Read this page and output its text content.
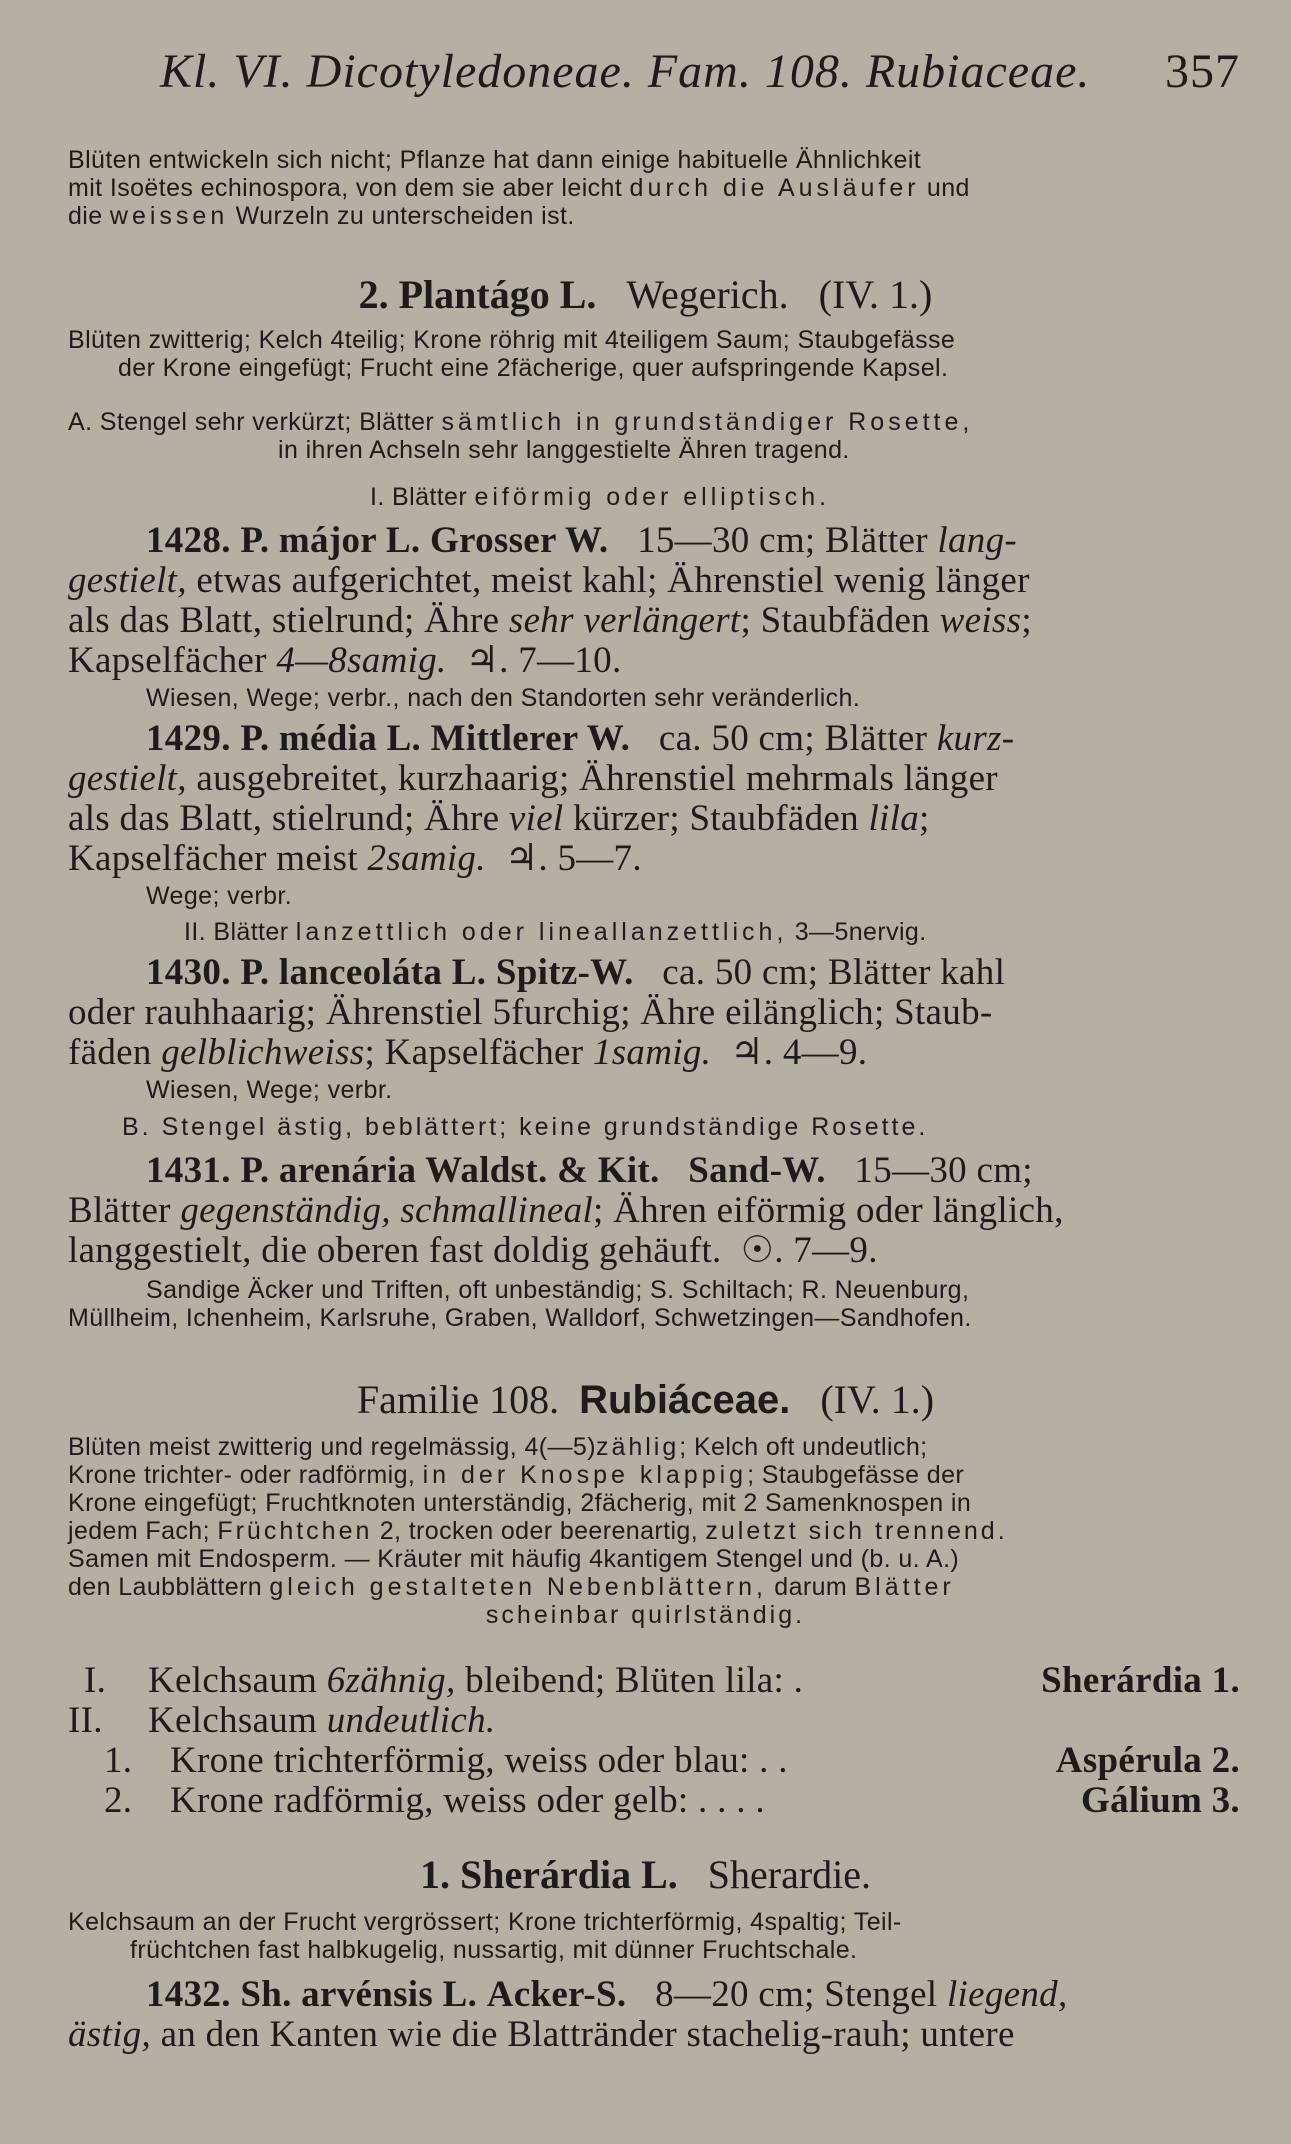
Kl. VI. Dicotyledoneae. Fam. 108. Rubiaceae. 357
Blüten entwickeln sich nicht; Pflanze hat dann einige habituelle Ähnlichkeit
mit Isoëtes echinospora, von dem sie aber leicht durch die Ausläufer und
die weissen Wurzeln zu unterscheiden ist.
2. Plantágo L. Wegerich. (IV. 1.)
Blüten zwitterig; Kelch 4teilig; Krone röhrig mit 4teiligem Saum; Staubgefässe
der Krone eingefügt; Frucht eine 2fächerige, quer aufspringende Kapsel.
A. Stengel sehr verkürzt; Blätter sämtlich in grundständiger Rosette,
in ihren Achseln sehr langgestielte Ähren tragend.
I. Blätter eiförmig oder elliptisch.
1428. P. májor L. Grosser W. 15—30 cm; Blätter lang-
gestielt, etwas aufgerichtet, meist kahl; Ährenstiel wenig länger
als das Blatt, stielrund; Ähre sehr verlängert; Staubfäden weiss;
Kapselfächer 4—8samig. ♃. 7—10.
Wiesen, Wege; verbr., nach den Standorten sehr veränderlich.
1429. P. média L. Mittlerer W. ca. 50 cm; Blätter kurz-
gestielt, ausgebreitet, kurzhaarig; Ährenstiel mehrmals länger
als das Blatt, stielrund; Ähre viel kürzer; Staubfäden lila;
Kapselfächer meist 2samig. ♃. 5—7.
Wege; verbr.
II. Blätter lanzettlich oder lineallanzettlich, 3—5nervig.
1430. P. lanceoláta L. Spitz-W. ca. 50 cm; Blätter kahl
oder rauhhaarig; Ährenstiel 5furchig; Ähre eilänglich; Staub-
fäden gelblichweiss; Kapselfächer 1samig. ♃. 4—9.
Wiesen, Wege; verbr.
B. Stengel ästig, beblättert; keine grundständige Rosette.
1431. P. arenária Waldst. & Kit. Sand-W. 15—30 cm;
Blätter gegenständig, schmallineal; Ähren eiförmig oder länglich,
langgestielt, die oberen fast doldig gehäuft. ☉. 7—9.
Sandige Äcker und Triften, oft unbeständig; S. Schiltach; R. Neuenburg,
Müllheim, Ichenheim, Karlsruhe, Graben, Walldorf, Schwetzingen—Sandhofen.
Familie 108. Rubiáceae. (IV. 1.)
Blüten meist zwitterig und regelmässig, 4(—5)zählig; Kelch oft undeutlich;
Krone trichter- oder radförmig, in der Knospe klappig; Staubgefässe der
Krone eingefügt; Fruchtknoten unterständig, 2fächerig, mit 2 Samenknospen in
jedem Fach; Früchtchen 2, trocken oder beerenartig, zuletzt sich trennend.
Samen mit Endosperm. — Kräuter mit häufig 4kantigem Stengel und (b. u. A.)
den Laubblättern gleich gestalteten Nebenblättern, darum Blätter
scheinbar quirlständig.
I. Kelchsaum 6zähnig, bleibend; Blüten lila: .	Sherárdia 1.
II. Kelchsaum undeutlich.
1. Krone trichterförmig, weiss oder blau: . .	Aspérula 2.
2. Krone radförmig, weiss oder gelb: . . . .	Gálium 3.
1. Sherárdia L. Sherardie.
Kelchsaum an der Frucht vergrössert; Krone trichterförmig, 4spaltig; Teil-
früchtchen fast halbkugelig, nussartig, mit dünner Fruchtschale.
1432. Sh. arvénsis L. Acker-S. 8—20 cm; Stengel liegend,
ästig, an den Kanten wie die Blattränder stachelig-rauh; untere
